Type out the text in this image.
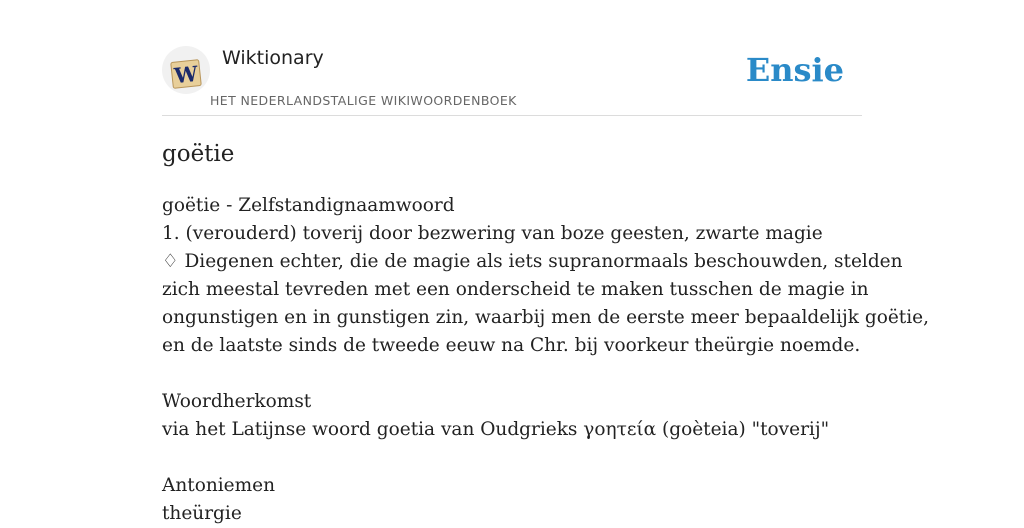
W
Wiktionary
HET NEDERLANDSTALIGE WIKIWOORDENBOEK
Ensie
goëtie
goëtie - Zelfstandignaamwoord
1. (verouderd) toverij door bezwering van boze geesten, zwarte magie
♢ Diegenen echter, die de magie als iets supranormaals beschouwden, stelden
zich meestal tevreden met een onderscheid te maken tusschen de magie in
ongunstigen en in gunstigen zin, waarbij men de eerste meer bepaaldelijk goëtie,
en de laatste sinds de tweede eeuw na Chr. bij voorkeur theürgie noemde.
Woordherkomst
via het Latijnse woord goetia van Oudgrieks γοητεία (goèteia) "toverij"
Antoniemen
theürgie
